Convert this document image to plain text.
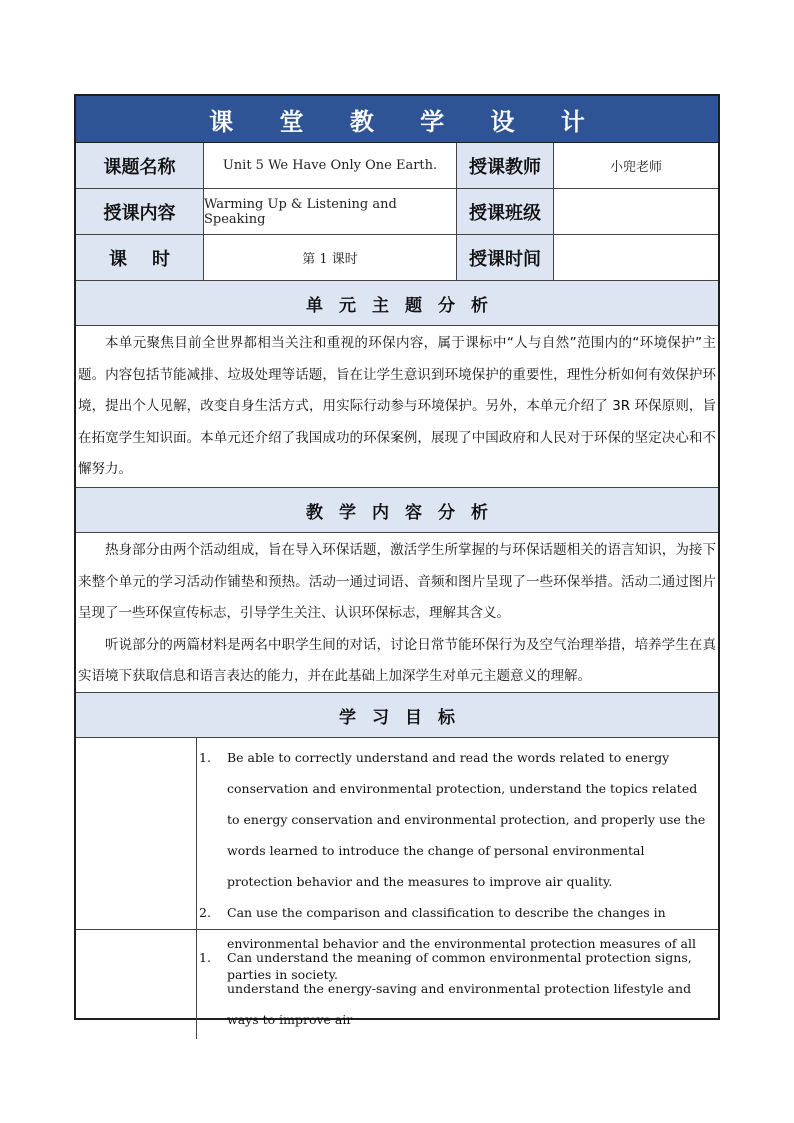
课 堂 教 学 设 计
课题名称	Unit 5 We Have Only One Earth.	授课教师	小兜老师
授课内容	Warming Up & Listening and Speaking	授课班级
课    时	第 1 课时	授课时间
单元主题分析

本单元聚焦目前全世界都相当关注和重视的环保内容，属于课标中“人与自然”范围内的“环境保护”主题。内容包括节能减排、垃圾处理等话题，旨在让学生意识到环境保护的重要性，理性分析如何有效保护环境，提出个人见解，改变自身生活方式，用实际行动参与环境保护。另外，本单元介绍了 3R 环保原则，旨在拓宽学生知识面。本单元还介绍了我国成功的环保案例，展现了中国政府和人民对于环保的坚定决心和不懈努力。

教学内容分析

热身部分由两个活动组成，旨在导入环保话题，激活学生所掌握的与环保话题相关的语言知识，为接下来整个单元的学习活动作铺垫和预热。活动一通过词语、音频和图片呈现了一些环保举措。活动二通过图片呈现了一些环保宣传标志，引导学生关注、认识环保标志，理解其含义。

听说部分的两篇材料是两名中职学生间的对话，讨论日常节能环保行为及空气治理举措，培养学生在真实语境下获取信息和语言表达的能力，并在此基础上加深学生对单元主题意义的理解。

学习目标
1.	Be able to correctly understand and read the words related to energy conservation and environmental protection, understand the topics related to energy conservation and environmental protection, and properly use the words learned to introduce the change of personal environmental protection behavior and the measures to improve air quality.
2.	Can use the comparison and classification to describe the changes in environmental behavior and the environmental protection measures of all parties in society.
1.	Can understand the meaning of common environmental protection signs, understand the energy-saving and environmental protection lifestyle and ways to improve air
